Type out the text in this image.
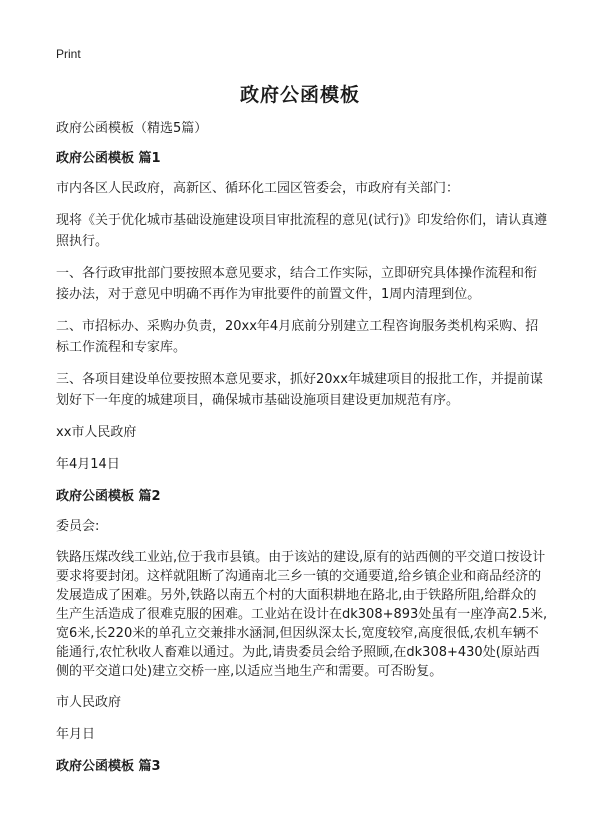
Print
政府公函模板

政府公函模板（精选5篇）

政府公函模板 篇1

市内各区人民政府，高新区、循环化工园区管委会，市政府有关部门：

现将《关于优化城市基础设施建设项目审批流程的意见(试行)》印发给你们，请认真遵照执行。

一、各行政审批部门要按照本意见要求，结合工作实际，立即研究具体操作流程和衔接办法，对于意见中明确不再作为审批要件的前置文件，1周内清理到位。

二、市招标办、采购办负责，20xx年4月底前分别建立工程咨询服务类机构采购、招标工作流程和专家库。

三、各项目建设单位要按照本意见要求，抓好20xx年城建项目的报批工作，并提前谋划好下一年度的城建项目，确保城市基础设施项目建设更加规范有序。

xx市人民政府

年4月14日

政府公函模板 篇2

委员会:

铁路压煤改线工业站,位于我市县镇。由于该站的建设,原有的站西侧的平交道口按设计要求将要封闭。这样就阻断了沟通南北三乡一镇的交通要道,给乡镇企业和商品经济的发展造成了困难。另外,铁路以南五个村的大面积耕地在路北,由于铁路所阻,给群众的生产生活造成了很难克服的困难。工业站在设计在dk308+893处虽有一座净高2.5米,宽6米,长220米的单孔立交兼排水涵洞,但因纵深太长,宽度较窄,高度很低,农机车辆不能通行,农忙秋收人畜难以通过。为此,请贵委员会给予照顾,在dk308+430处(原站西侧的平交道口处)建立交桥一座,以适应当地生产和需要。可否盼复。

市人民政府

年月日

政府公函模板 篇3
